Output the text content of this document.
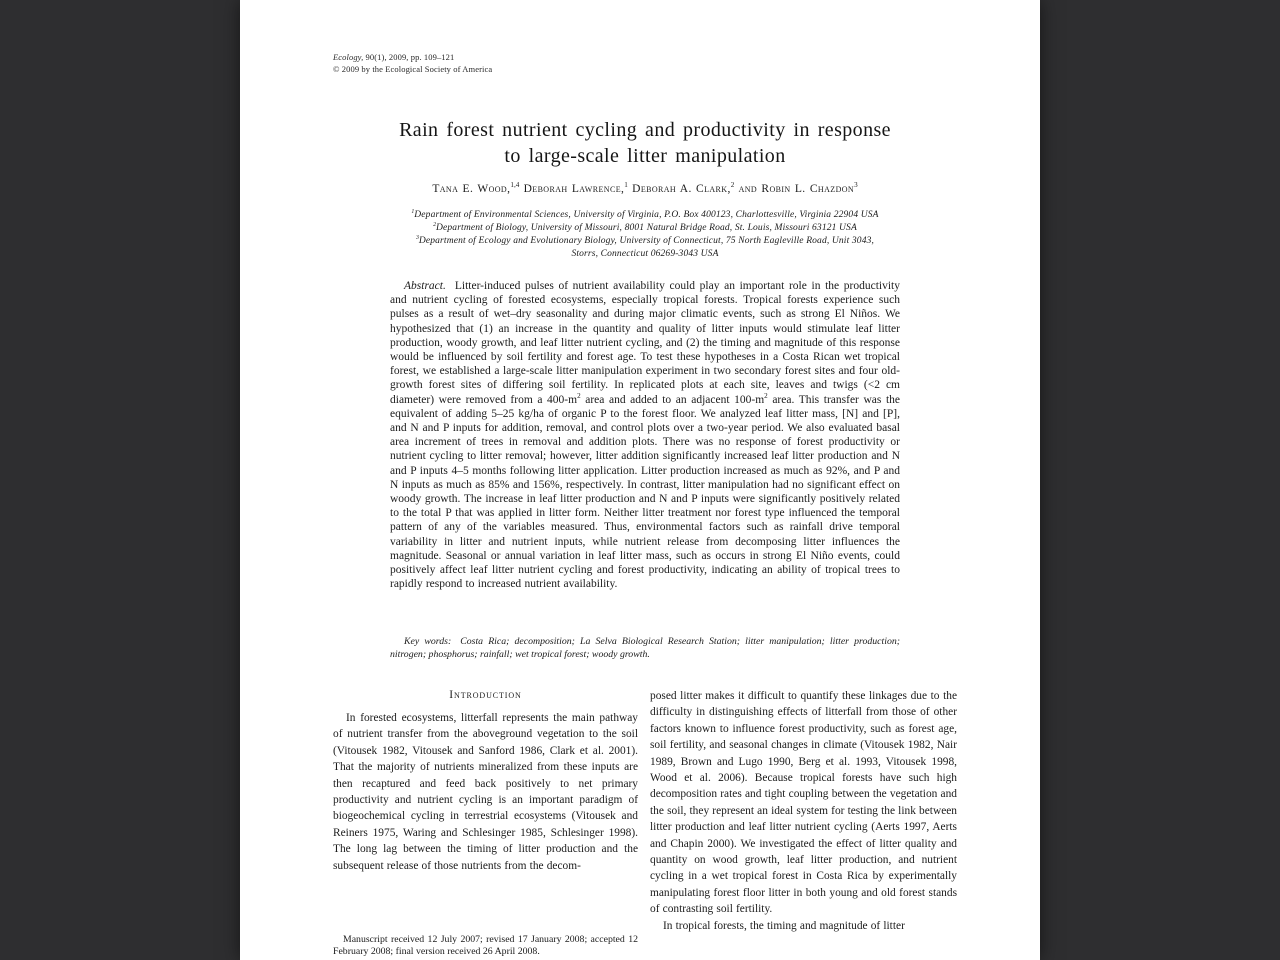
Ecology, 90(1), 2009, pp. 109–121
© 2009 by the Ecological Society of America
Rain forest nutrient cycling and productivity in response
to large-scale litter manipulation
Tana E. Wood,$^{1,4}$ Deborah Lawrence,$^1$ Deborah A. Clark,$^2$ and Robin L. Chazdon$^3$
$^1$Department of Environmental Sciences, University of Virginia, P.O. Box 400123, Charlottesville, Virginia 22904 USA
$^2$Department of Biology, University of Missouri, 8001 Natural Bridge Road, St. Louis, Missouri 63121 USA
$^3$Department of Ecology and Evolutionary Biology, University of Connecticut, 75 North Eagleville Road, Unit 3043,
Storrs, Connecticut 06269-3043 USA

Abstract. Litter-induced pulses of nutrient availability could play an important role in the productivity and nutrient cycling of forested ecosystems, especially tropical forests. Tropical forests experience such pulses as a result of wet–dry seasonality and during major climatic events, such as strong El Niños. We hypothesized that (1) an increase in the quantity and quality of litter inputs would stimulate leaf litter production, woody growth, and leaf litter nutrient cycling, and (2) the timing and magnitude of this response would be influenced by soil fertility and forest age. To test these hypotheses in a Costa Rican wet tropical forest, we established a large-scale litter manipulation experiment in two secondary forest sites and four old-growth forest sites of differing soil fertility. In replicated plots at each site, leaves and twigs (<2 cm diameter) were removed from a $400-m^2$ area and added to an adjacent $100-m^2$ area. This transfer was the equivalent of adding 5–25 kg/ha of organic P to the forest floor. We analyzed leaf litter mass, [N] and [P], and N and P inputs for addition, removal, and control plots over a two-year period. We also evaluated basal area increment of trees in removal and addition plots. There was no response of forest productivity or nutrient cycling to litter removal; however, litter addition significantly increased leaf litter production and N and P inputs 4–5 months following litter application. Litter production increased as much as 92%, and P and N inputs as much as 85% and 156%, respectively. In contrast, litter manipulation had no significant effect on woody growth. The increase in leaf litter production and N and P inputs were significantly positively related to the total P that was applied in litter form. Neither litter treatment nor forest type influenced the temporal pattern of any of the variables measured. Thus, environmental factors such as rainfall drive temporal variability in litter and nutrient inputs, while nutrient release from decomposing litter influences the magnitude. Seasonal or annual variation in leaf litter mass, such as occurs in strong El Niño events, could positively affect leaf litter nutrient cycling and forest productivity, indicating an ability of tropical trees to rapidly respond to increased nutrient availability.

Key words: Costa Rica; decomposition; La Selva Biological Research Station; litter manipulation; litter production; nitrogen; phosphorus; rainfall; wet tropical forest; woody growth.

Introduction

In forested ecosystems, litterfall represents the main pathway of nutrient transfer from the aboveground vegetation to the soil (Vitousek 1982, Vitousek and Sanford 1986, Clark et al. 2001). That the majority of nutrients mineralized from these inputs are then recaptured and feed back positively to net primary productivity and nutrient cycling is an important paradigm of biogeochemical cycling in terrestrial ecosystems (Vitousek and Reiners 1975, Waring and Schlesinger 1985, Schlesinger 1998). The long lag between the timing of litter production and the subsequent release of those nutrients from the decom-

posed litter makes it difficult to quantify these linkages due to the difficulty in distinguishing effects of litterfall from those of other factors known to influence forest productivity, such as forest age, soil fertility, and seasonal changes in climate (Vitousek 1982, Nair 1989, Brown and Lugo 1990, Berg et al. 1993, Vitousek 1998, Wood et al. 2006). Because tropical forests have such high decomposition rates and tight coupling between the vegetation and the soil, they represent an ideal system for testing the link between litter production and leaf litter nutrient cycling (Aerts 1997, Aerts and Chapin 2000). We investigated the effect of litter quality and quantity on wood growth, leaf litter production, and nutrient cycling in a wet tropical forest in Costa Rica by experimentally manipulating forest floor litter in both young and old forest stands of contrasting soil fertility.

In tropical forests, the timing and magnitude of litter

Manuscript received 12 July 2007; revised 17 January 2008; accepted 12 February 2008; final version received 26 April 2008.
